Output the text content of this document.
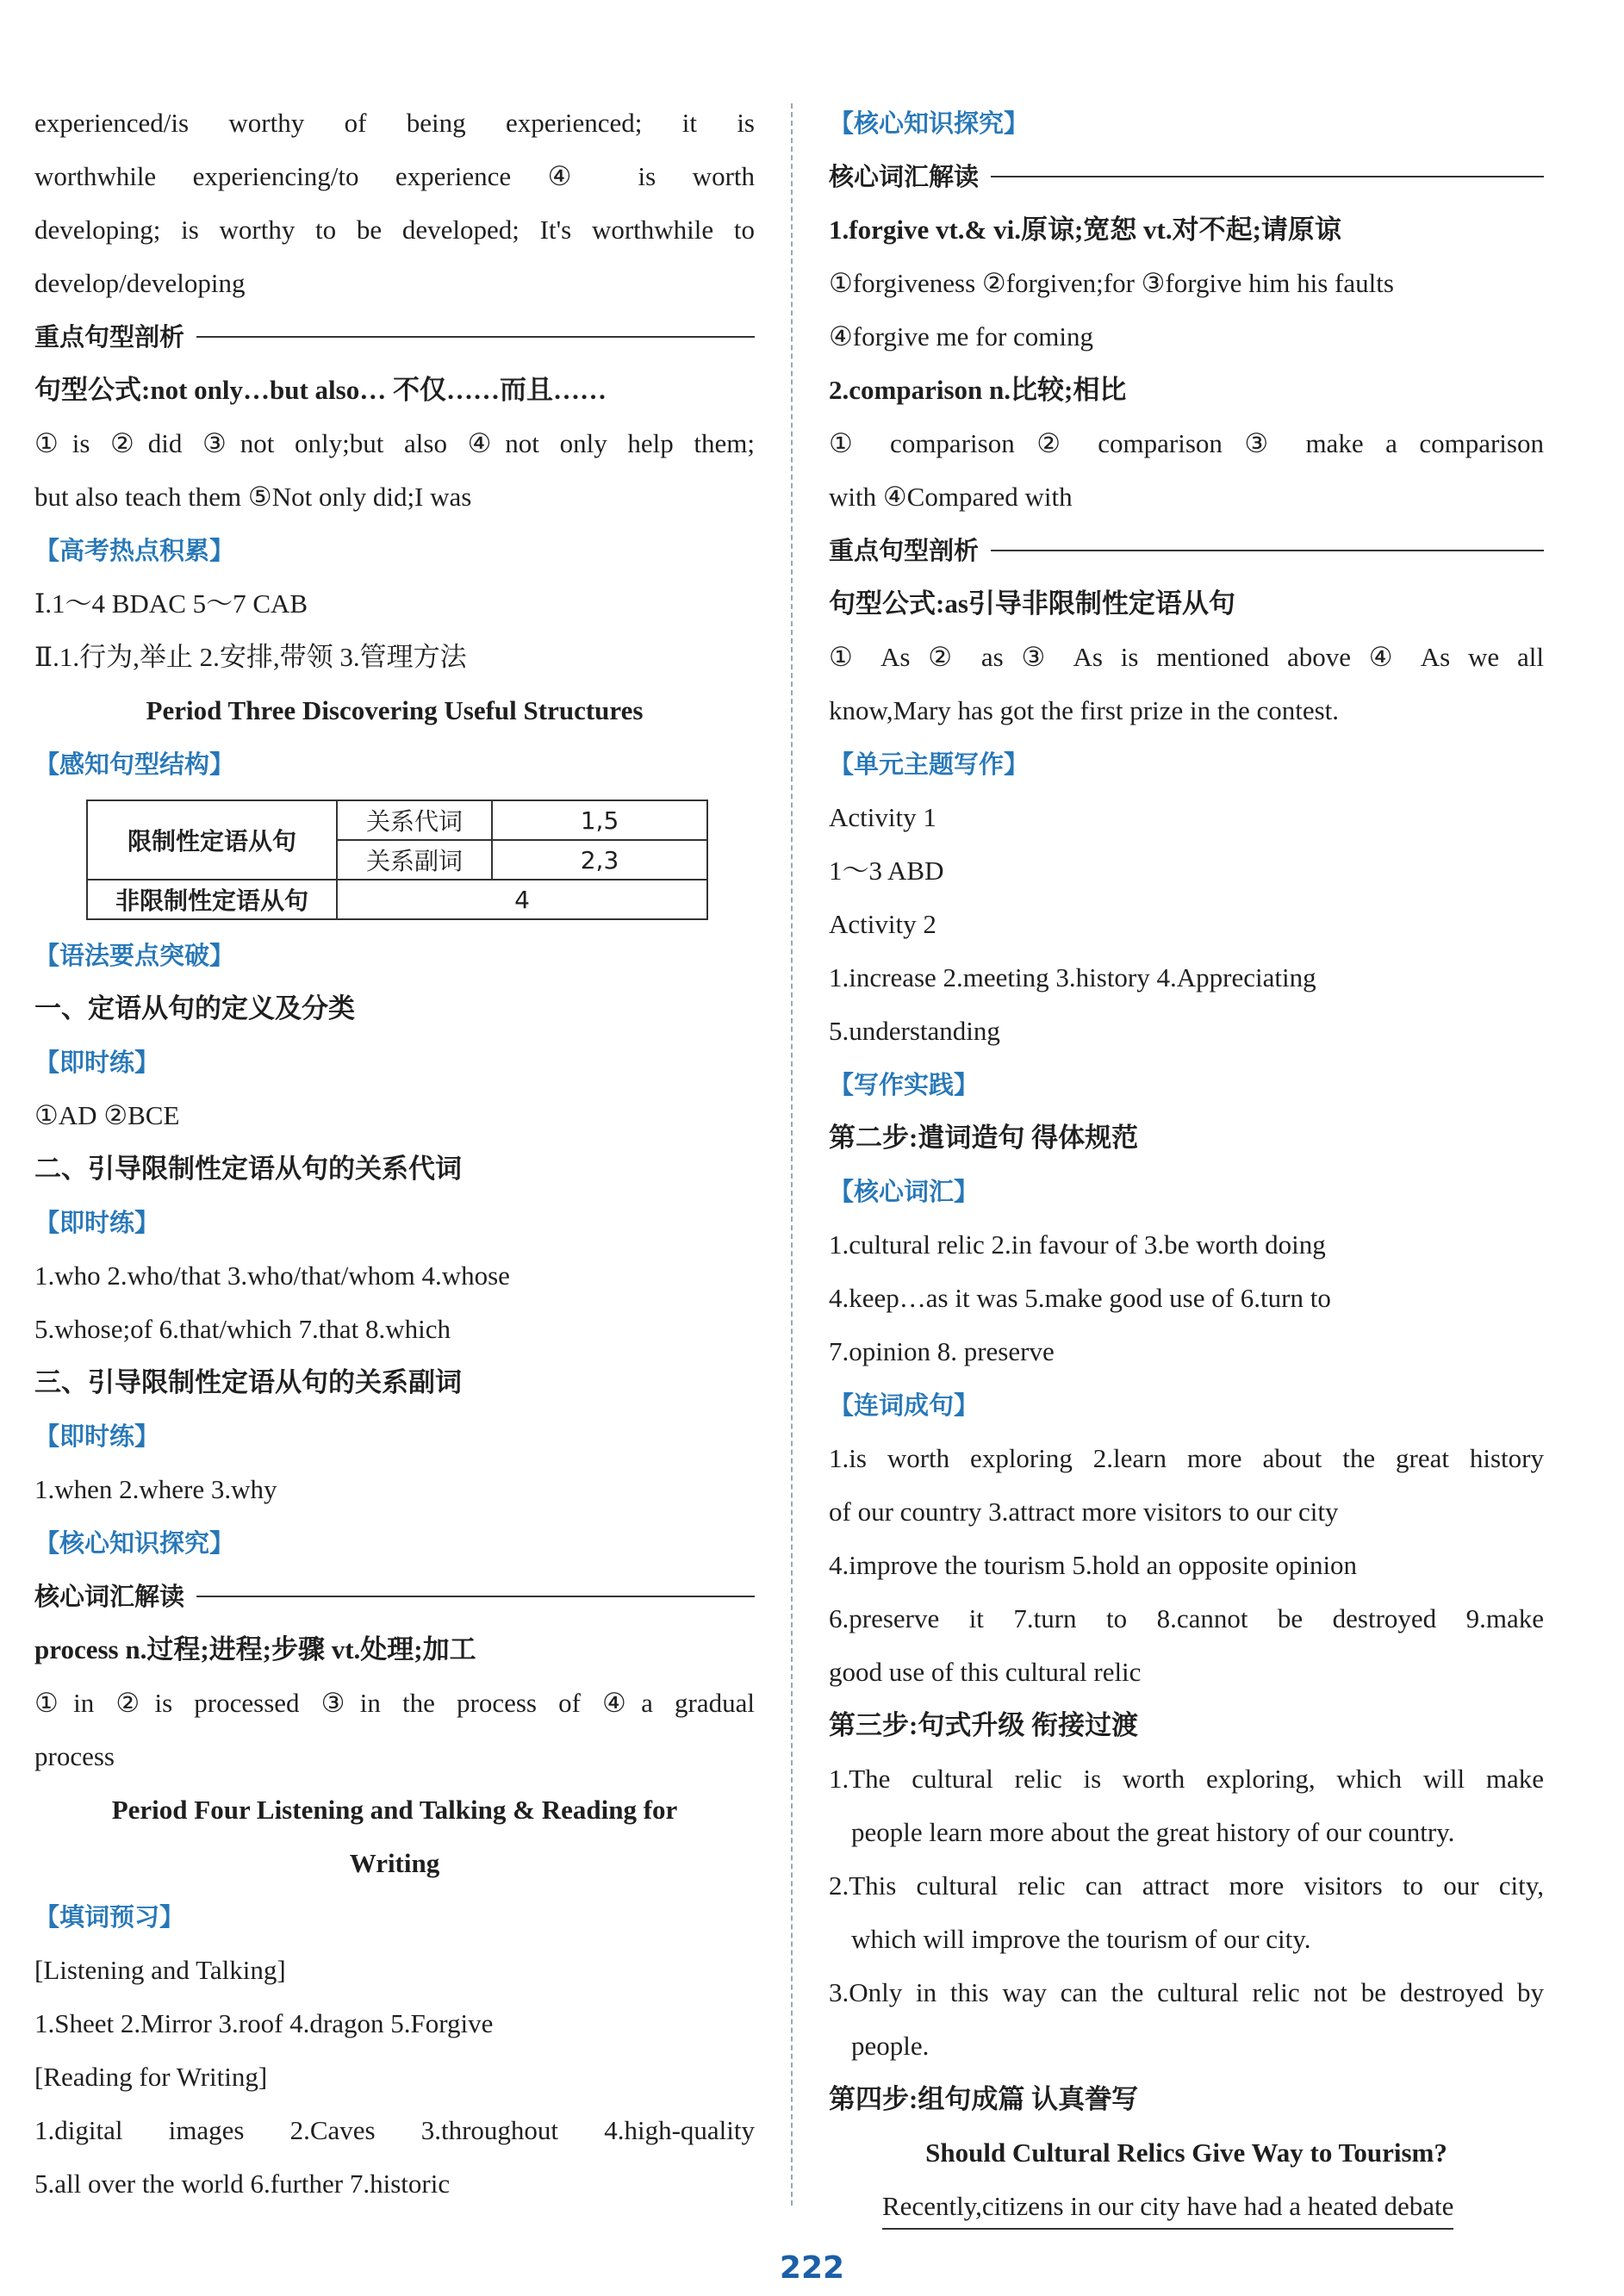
experienced/is worthy of being experienced; it is
worthwhile experiencing/to experience ④ is worth
developing; is worthy to be developed; It's worthwhile to
develop/developing
重点句型剖析
句型公式:not only…but also… 不仅……而且……
①is ②did ③not only;but also ④not only help them;
but also teach them ⑤Not only did;I was
【高考热点积累】
Ⅰ.1～4 BDAC 5～7 CAB
Ⅱ.1.行为,举止 2.安排,带领 3.管理方法
Period Three Discovering Useful Structures
【感知句型结构】
限制性定语从句	关系代词	1,5
	关系副词	2,3
非限制性定语从句	4	
【语法要点突破】
一、定语从句的定义及分类
【即时练】
①AD ②BCE
二、引导限制性定语从句的关系代词
【即时练】
1.who 2.who/that 3.who/that/whom 4.whose
5.whose;of 6.that/which 7.that 8.which
三、引导限制性定语从句的关系副词
【即时练】
1.when 2.where 3.why
【核心知识探究】
核心词汇解读
process n.过程;进程;步骤 vt.处理;加工
①in ②is processed ③in the process of ④a gradual
process
Period Four Listening and Talking & Reading for
Writing
【填词预习】
[Listening and Talking]
1.Sheet 2.Mirror 3.roof 4.dragon 5.Forgive
[Reading for Writing]
1.digital images 2.Caves 3.throughout 4.high-quality
5.all over the world 6.further 7.historic
【核心知识探究】
核心词汇解读
1.forgive vt.& vi.原谅;宽恕 vt.对不起;请原谅
①forgiveness ②forgiven;for ③forgive him his faults
④forgive me for coming
2.comparison n.比较;相比
① comparison ② comparison ③ make a comparison
with ④Compared with
重点句型剖析
句型公式:as引导非限制性定语从句
① As ② as ③ As is mentioned above ④ As we all
know,Mary has got the first prize in the contest.
【单元主题写作】
Activity 1
1～3 ABD
Activity 2
1.increase 2.meeting 3.history 4.Appreciating
5.understanding
【写作实践】
第二步:遣词造句 得体规范
【核心词汇】
1.cultural relic 2.in favour of 3.be worth doing
4.keep…as it was 5.make good use of 6.turn to
7.opinion 8. preserve
【连词成句】
1.is worth exploring 2.learn more about the great history
of our country 3.attract more visitors to our city
4.improve the tourism 5.hold an opposite opinion
6.preserve it 7.turn to 8.cannot be destroyed 9.make
good use of this cultural relic
第三步:句式升级 衔接过渡
1.The cultural relic is worth exploring, which will make
people learn more about the great history of our country.
2.This cultural relic can attract more visitors to our city,
which will improve the tourism of our city.
3.Only in this way can the cultural relic not be destroyed by
people.
第四步:组句成篇 认真誊写
Should Cultural Relics Give Way to Tourism?
Recently,citizens in our city have had a heated debate
222
